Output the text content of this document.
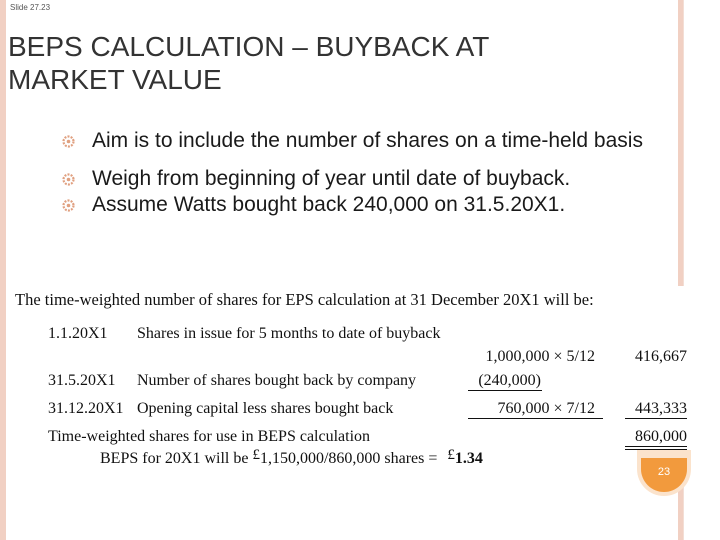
Slide 27.23
BEPS CALCULATION – BUYBACK AT
MARKET VALUE
Aim is to include the number of shares on a time-held basis
Weigh from beginning of year until date of buyback.
Assume Watts bought back 240,000 on 31.5.20X1.
The time-weighted number of shares for EPS calculation at 31 December 20X1 will be:
1.1.20X1 Shares in issue for 5 months to date of buyback
1,000,000 × 5/12	416,667
31.5.20X1 Number of shares bought back by company	(240,000)
31.12.20X1 Opening capital less shares bought back	760,000 × 7/12	443,333
Time-weighted shares for use in BEPS calculation	860,000
BEPS for 20X1 will be £1,150,000/860,000 shares = £1.34
23
